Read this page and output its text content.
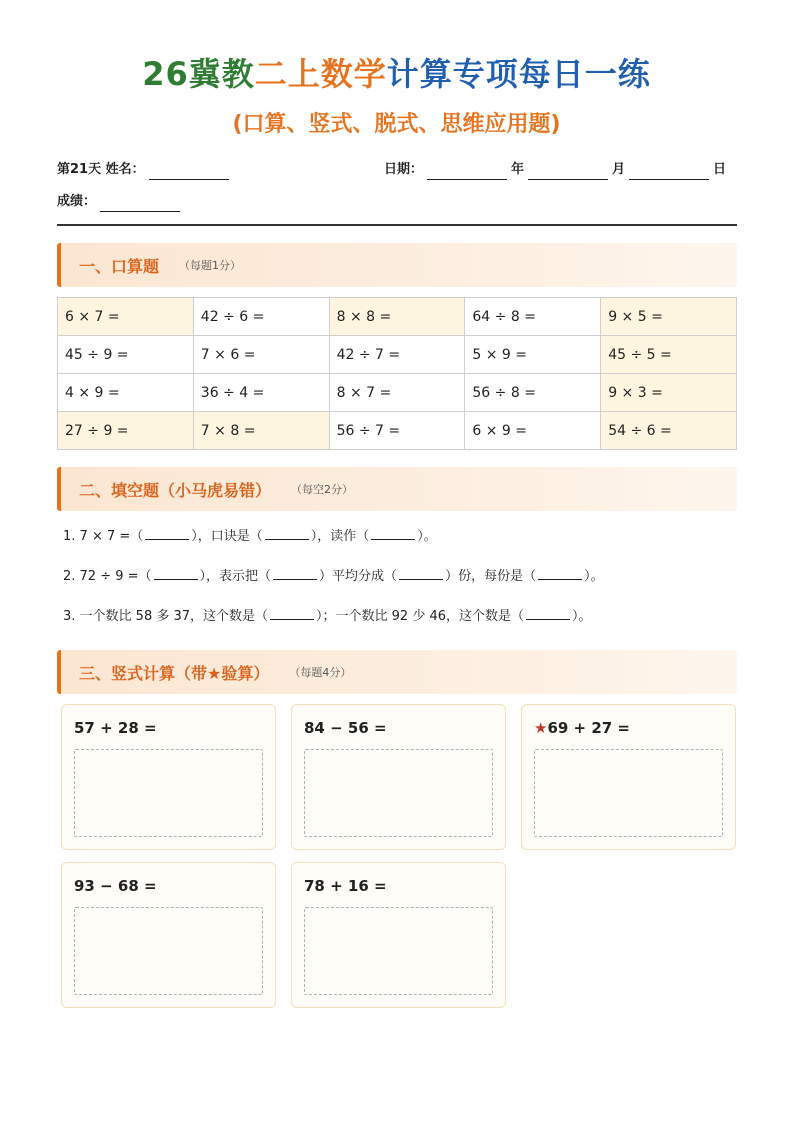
26冀教二上数学计算专项每日一练
(口算、竖式、脱式、思维应用题)
第21天 姓名：	日期：	年	月	日
成绩：
一、口算题 （每题1分）
6 × 7 =	42 ÷ 6 =	8 × 8 =	64 ÷ 8 =	9 × 5 =
45 ÷ 9 =	7 × 6 =	42 ÷ 7 =	5 × 9 =	45 ÷ 5 =
4 × 9 =	36 ÷ 4 =	8 × 7 =	56 ÷ 8 =	9 × 3 =
27 ÷ 9 =	7 × 8 =	56 ÷ 7 =	6 × 9 =	54 ÷ 6 =
二、填空题（小马虎易错） （每空2分）
1. 7 × 7 =（	），口诀是（	），读作（	）。
2. 72 ÷ 9 =（	），表示把（	）平均分成（	）份，每份是（	）。
3. 一个数比 58 多 37，这个数是（	）；一个数比 92 少 46，这个数是（	）。
三、竖式计算（带★验算） （每题4分）
57 + 28 =	84 − 56 =	★69 + 27 =
93 − 68 =	78 + 16 =
